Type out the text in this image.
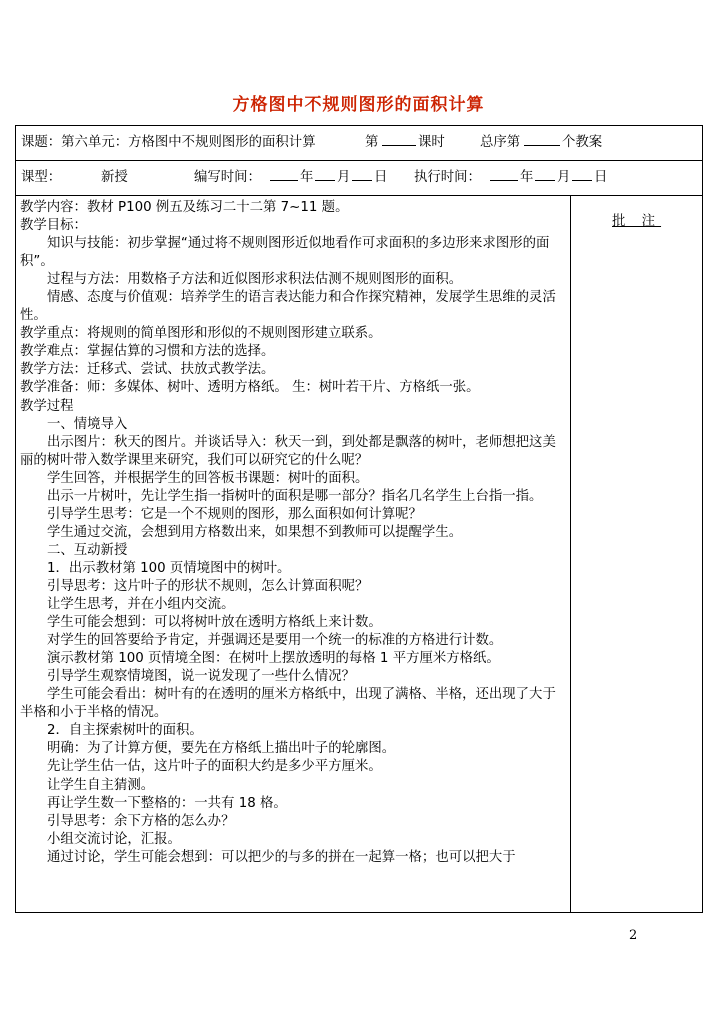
方格图中不规则图形的面积计算
课题：第六单元：方格图中不规则图形的面积计算	第	课时	总序第	个教案
课型：	新授	编写时间：	年 月 日 执行时间：	年 月 日
教学内容：教材 P100 例五及练习二十二第 7~11 题。
教学目标：
知识与技能：初步掌握“通过将不规则图形近似地看作可求面积的多边形来求图形的面积”。
过程与方法：用数格子方法和近似图形求积法估测不规则图形的面积。
情感、态度与价值观：培养学生的语言表达能力和合作探究精神，发展学生思维的灵活性。
教学重点：将规则的简单图形和形似的不规则图形建立联系。
教学难点：掌握估算的习惯和方法的选择。
教学方法：迁移式、尝试、扶放式教学法。
教学准备：师：多媒体、树叶、透明方格纸。 生：树叶若干片、方格纸一张。
教学过程
一、情境导入
出示图片：秋天的图片。并谈话导入：秋天一到，到处都是飘落的树叶，老师想把这美丽的树叶带入数学课里来研究，我们可以研究它的什么呢？
学生回答，并根据学生的回答板书课题：树叶的面积。
出示一片树叶，先让学生指一指树叶的面积是哪一部分？指名几名学生上台指一指。
引导学生思考：它是一个不规则的图形，那么面积如何计算呢？
学生通过交流，会想到用方格数出来，如果想不到教师可以提醒学生。
二、互动新授
1．出示教材第 100 页情境图中的树叶。
引导思考：这片叶子的形状不规则，怎么计算面积呢？
让学生思考，并在小组内交流。
学生可能会想到：可以将树叶放在透明方格纸上来计数。
对学生的回答要给予肯定，并强调还是要用一个统一的标准的方格进行计数。
演示教材第 100 页情境全图：在树叶上摆放透明的每格 1 平方厘米方格纸。
引导学生观察情境图，说一说发现了一些什么情况？
学生可能会看出：树叶有的在透明的厘米方格纸中，出现了满格、半格，还出现了大于半格和小于半格的情况。
2．自主探索树叶的面积。
明确：为了计算方便，要先在方格纸上描出叶子的轮廓图。
先让学生估一估，这片叶子的面积大约是多少平方厘米。
让学生自主猜测。
再让学生数一下整格的：一共有 18 格。
引导思考：余下方格的怎么办？
小组交流讨论，汇报。
通过讨论，学生可能会想到：可以把少的与多的拼在一起算一格；也可以把大于
批 注
2
